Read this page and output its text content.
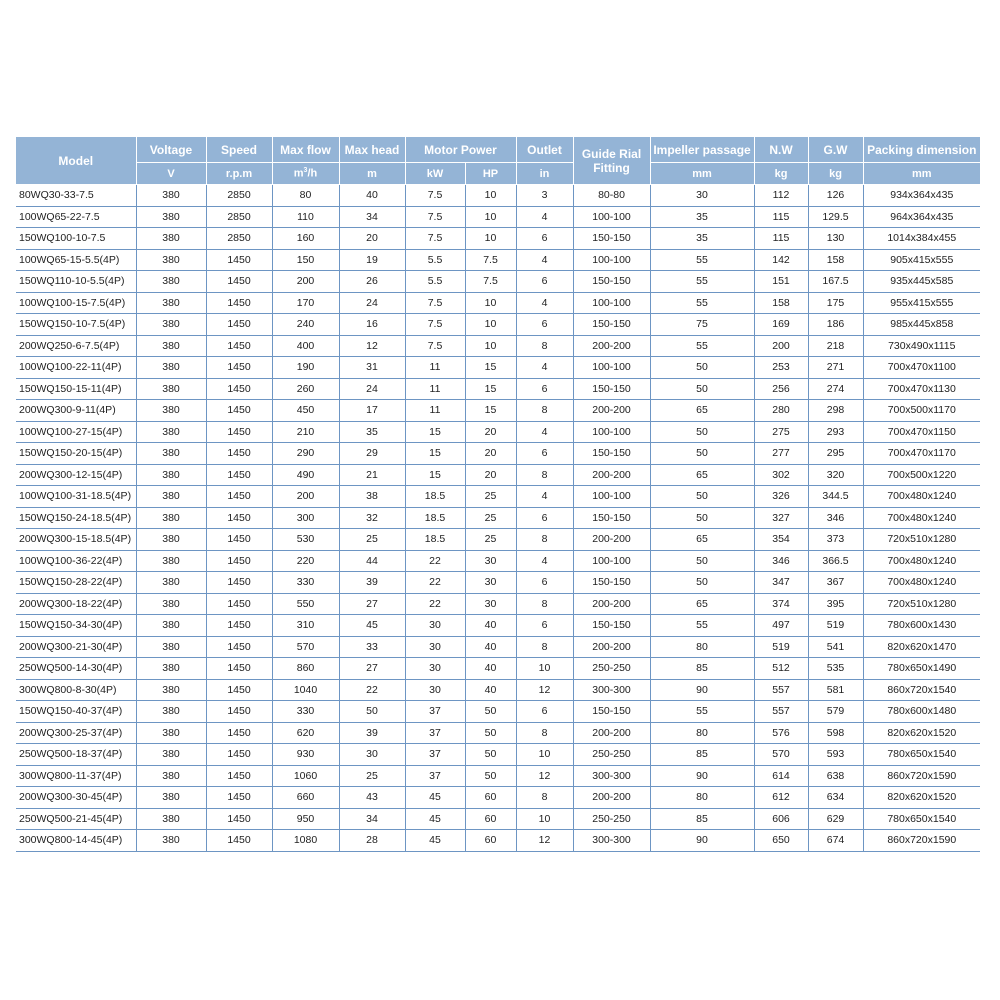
Model	Voltage	Speed	Max flow	Max head	Motor Power		Outlet	Guide Rial Fitting	Impeller passage	N.W	G.W	Packing dimension
	V	r.p.m	$m^3/h$	m	kW	HP	in		mm	kg	kg	mm
80WQ30-33-7.5	380	2850	80	40	7.5	10	3	80-80	30	112	126	934x364x435
100WQ65-22-7.5	380	2850	110	34	7.5	10	4	100-100	35	115	129.5	964x364x435
150WQ100-10-7.5	380	2850	160	20	7.5	10	6	150-150	35	115	130	1014x384x455
100WQ65-15-5.5(4P)	380	1450	150	19	5.5	7.5	4	100-100	55	142	158	905x415x555
150WQ110-10-5.5(4P)	380	1450	200	26	5.5	7.5	6	150-150	55	151	167.5	935x445x585
100WQ100-15-7.5(4P)	380	1450	170	24	7.5	10	4	100-100	55	158	175	955x415x555
150WQ150-10-7.5(4P)	380	1450	240	16	7.5	10	6	150-150	75	169	186	985x445x858
200WQ250-6-7.5(4P)	380	1450	400	12	7.5	10	8	200-200	55	200	218	730x490x1115
100WQ100-22-11(4P)	380	1450	190	31	11	15	4	100-100	50	253	271	700x470x1100
150WQ150-15-11(4P)	380	1450	260	24	11	15	6	150-150	50	256	274	700x470x1130
200WQ300-9-11(4P)	380	1450	450	17	11	15	8	200-200	65	280	298	700x500x1170
100WQ100-27-15(4P)	380	1450	210	35	15	20	4	100-100	50	275	293	700x470x1150
150WQ150-20-15(4P)	380	1450	290	29	15	20	6	150-150	50	277	295	700x470x1170
200WQ300-12-15(4P)	380	1450	490	21	15	20	8	200-200	65	302	320	700x500x1220
100WQ100-31-18.5(4P)	380	1450	200	38	18.5	25	4	100-100	50	326	344.5	700x480x1240
150WQ150-24-18.5(4P)	380	1450	300	32	18.5	25	6	150-150	50	327	346	700x480x1240
200WQ300-15-18.5(4P)	380	1450	530	25	18.5	25	8	200-200	65	354	373	720x510x1280
100WQ100-36-22(4P)	380	1450	220	44	22	30	4	100-100	50	346	366.5	700x480x1240
150WQ150-28-22(4P)	380	1450	330	39	22	30	6	150-150	50	347	367	700x480x1240
200WQ300-18-22(4P)	380	1450	550	27	22	30	8	200-200	65	374	395	720x510x1280
150WQ150-34-30(4P)	380	1450	310	45	30	40	6	150-150	55	497	519	780x600x1430
200WQ300-21-30(4P)	380	1450	570	33	30	40	8	200-200	80	519	541	820x620x1470
250WQ500-14-30(4P)	380	1450	860	27	30	40	10	250-250	85	512	535	780x650x1490
300WQ800-8-30(4P)	380	1450	1040	22	30	40	12	300-300	90	557	581	860x720x1540
150WQ150-40-37(4P)	380	1450	330	50	37	50	6	150-150	55	557	579	780x600x1480
200WQ300-25-37(4P)	380	1450	620	39	37	50	8	200-200	80	576	598	820x620x1520
250WQ500-18-37(4P)	380	1450	930	30	37	50	10	250-250	85	570	593	780x650x1540
300WQ800-11-37(4P)	380	1450	1060	25	37	50	12	300-300	90	614	638	860x720x1590
200WQ300-30-45(4P)	380	1450	660	43	45	60	8	200-200	80	612	634	820x620x1520
250WQ500-21-45(4P)	380	1450	950	34	45	60	10	250-250	85	606	629	780x650x1540
300WQ800-14-45(4P)	380	1450	1080	28	45	60	12	300-300	90	650	674	860x720x1590
